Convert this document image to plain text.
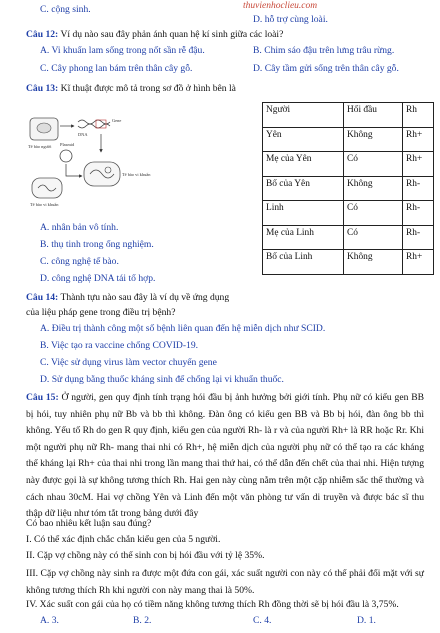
C. cộng sinh.	thuvienhoclieu.com
D. hỗ trợ cùng loài.
Câu 12: Ví dụ nào sau đây phản ánh quan hệ kí sinh giữa các loài?
A. Vi khuẩn lam sống trong nốt sần rễ đậu.	B. Chim sáo đậu trên lưng trâu rừng.
C. Cây phong lan bám trên thân cây gỗ.	D. Cây tầm gửi sống trên thân cây gỗ.
Câu 13: Kĩ thuật được mô tả trong sơ đồ ở hình bên là
Tế bào người
DNA
Gene
Plasmid
Tế bào vi khuẩn
Tế bào vi khuẩn
A. nhân bản vô tính.
B. thụ tinh trong ống nghiệm.
C. công nghệ tế bào.
D. công nghệ DNA tái tổ hợp.
Người	Hối đầu	Rh
Yên	Không	Rh+
Mẹ của Yên	Có	Rh+
Bố của Yên	Không	Rh-
Linh	Có	Rh-
Mẹ của Linh	Có	Rh-
Bố của Linh	Không	Rh+
Câu 14: Thành tựu nào sau đây là ví dụ về ứng dụng
của liệu pháp gene trong điều trị bệnh?
A. Điều trị thành công một số bệnh liên quan đến hệ miễn dịch như SCID.
B. Việc tạo ra vaccine chống COVID-19.
C. Việc sử dụng virus làm vector chuyển gene
D. Sử dụng bằng thuốc kháng sinh để chống lại vi khuẩn thuốc.

Câu 15: Ở người, gen quy định tính trạng hói đầu bị ảnh hưởng bởi giới tính. Phụ nữ có kiểu gen BB bị hói, tuy nhiên phụ nữ Bb và bb thì không. Đàn ông có kiểu gen BB và Bb bị hói, đàn ông bb thì không. Yếu tố Rh do gen R quy định, kiểu gen của người Rh- là r và của người Rh+ là RR hoặc Rr. Khi một người phụ nữ Rh- mang thai nhi có Rh+, hệ miễn dịch của người phụ nữ có thể tạo ra các kháng thể kháng lại Rh+ của thai nhi trong lần mang thai thứ hai, có thể dẫn đến chết của thai nhi. Hiện tượng này được gọi là sự không tương thích Rh. Hai gen này cùng nằm trên một cặp nhiễm sắc thể thường và cách nhau 30cM. Hai vợ chồng Yên và Linh đến một văn phòng tư vấn di truyền và được bác sĩ thu thập dữ liệu như tóm tắt trong bảng dưới đây

Có bao nhiêu kết luận sau đúng?
I. Có thể xác định chắc chắn kiểu gen của 5 người.
II. Cặp vợ chồng này có thể sinh con bị hói đầu với tỷ lệ 35%.
III. Cặp vợ chồng này sinh ra được một đứa con gái, xác suất người con này có thể phải đối mặt với sự không tương thích Rh khi người con này mang thai là 50%.
IV. Xác suất con gái của họ có tiềm năng không tương thích Rh đồng thời sẽ bị hói đầu là 3,75%.
A. 3.	B. 2.	C. 4.	D. 1.
